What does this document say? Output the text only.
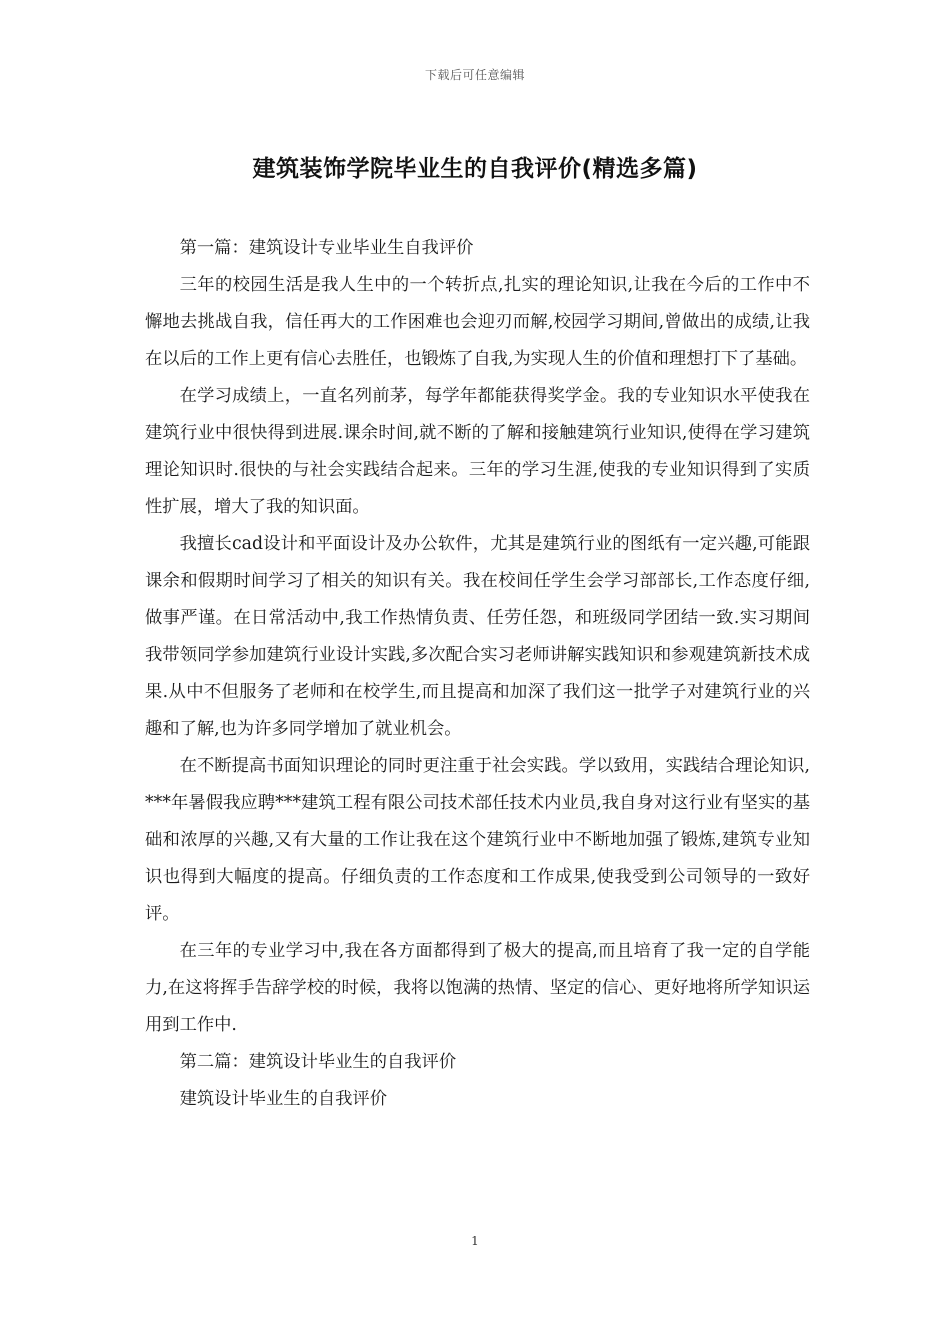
下载后可任意编辑
建筑装饰学院毕业生的自我评价(精选多篇)

第一篇：建筑设计专业毕业生自我评价

三年的校园生活是我人生中的一个转折点,扎实的理论知识,让我在今后的工作中不懈地去挑战自我，信任再大的工作困难也会迎刃而解,校园学习期间,曾做出的成绩,让我在以后的工作上更有信心去胜任，也锻炼了自我,为实现人生的价值和理想打下了基础。

在学习成绩上，一直名列前茅，每学年都能获得奖学金。我的专业知识水平使我在建筑行业中很快得到进展.课余时间,就不断的了解和接触建筑行业知识,使得在学习建筑理论知识时.很快的与社会实践结合起来。三年的学习生涯,使我的专业知识得到了实质性扩展，增大了我的知识面。

我擅长cad设计和平面设计及办公软件，尤其是建筑行业的图纸有一定兴趣,可能跟课余和假期时间学习了相关的知识有关。我在校间任学生会学习部部长,工作态度仔细,做事严谨。在日常活动中,我工作热情负责、任劳任怨，和班级同学团结一致.实习期间我带领同学参加建筑行业设计实践,多次配合实习老师讲解实践知识和参观建筑新技术成果.从中不但服务了老师和在校学生,而且提高和加深了我们这一批学子对建筑行业的兴趣和了解,也为许多同学增加了就业机会。

在不断提高书面知识理论的同时更注重于社会实践。学以致用，实践结合理论知识,***年暑假我应聘***建筑工程有限公司技术部任技术内业员,我自身对这行业有坚实的基础和浓厚的兴趣,又有大量的工作让我在这个建筑行业中不断地加强了锻炼,建筑专业知识也得到大幅度的提高。仔细负责的工作态度和工作成果,使我受到公司领导的一致好评。

在三年的专业学习中,我在各方面都得到了极大的提高,而且培育了我一定的自学能力,在这将挥手告辞学校的时候，我将以饱满的热情、坚定的信心、更好地将所学知识运用到工作中.

第二篇：建筑设计毕业生的自我评价

建筑设计毕业生的自我评价

1
